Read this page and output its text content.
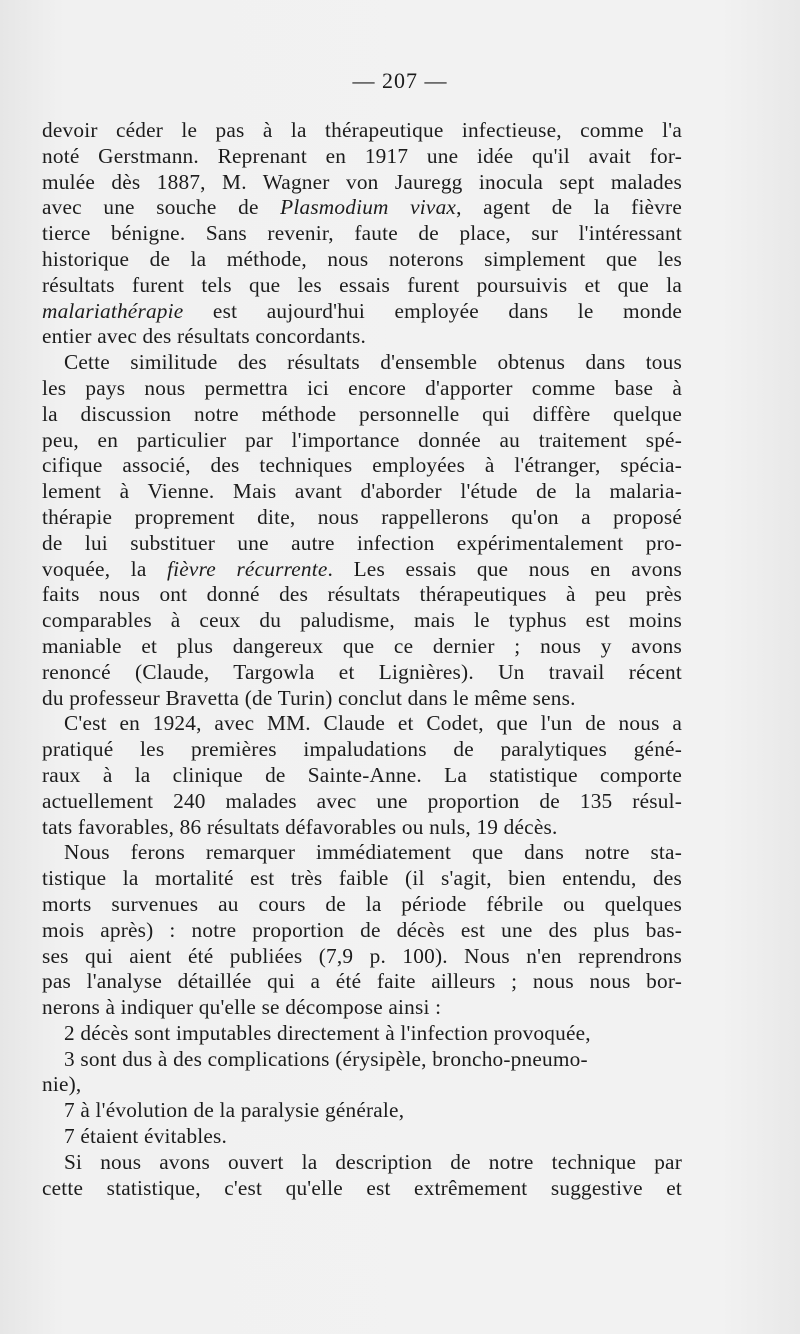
— 207 —

devoir céder le pas à la thérapeutique infectieuse, comme l'a
noté Gerstmann. Reprenant en 1917 une idée qu'il avait for-
mulée dès 1887, M. Wagner von Jauregg inocula sept malades
avec une souche de Plasmodium vivax, agent de la fièvre
tierce bénigne. Sans revenir, faute de place, sur l'intéressant
historique de la méthode, nous noterons simplement que les
résultats furent tels que les essais furent poursuivis et que la
malariathérapie est aujourd'hui employée dans le monde
entier avec des résultats concordants.

Cette similitude des résultats d'ensemble obtenus dans tous
les pays nous permettra ici encore d'apporter comme base à
la discussion notre méthode personnelle qui diffère quelque
peu, en particulier par l'importance donnée au traitement spé-
cifique associé, des techniques employées à l'étranger, spécia-
lement à Vienne. Mais avant d'aborder l'étude de la malaria-
thérapie proprement dite, nous rappellerons qu'on a proposé
de lui substituer une autre infection expérimentalement pro-
voquée, la fièvre récurrente. Les essais que nous en avons
faits nous ont donné des résultats thérapeutiques à peu près
comparables à ceux du paludisme, mais le typhus est moins
maniable et plus dangereux que ce dernier ; nous y avons
renoncé (Claude, Targowla et Lignières). Un travail récent
du professeur Bravetta (de Turin) conclut dans le même sens.

C'est en 1924, avec MM. Claude et Codet, que l'un de nous a
pratiqué les premières impaludations de paralytiques géné-
raux à la clinique de Sainte-Anne. La statistique comporte
actuellement 240 malades avec une proportion de 135 résul-
tats favorables, 86 résultats défavorables ou nuls, 19 décès.

Nous ferons remarquer immédiatement que dans notre sta-
tistique la mortalité est très faible (il s'agit, bien entendu, des
morts survenues au cours de la période fébrile ou quelques
mois après) : notre proportion de décès est une des plus bas-
ses qui aient été publiées (7,9 p. 100). Nous n'en reprendrons
pas l'analyse détaillée qui a été faite ailleurs ; nous nous bor-
nerons à indiquer qu'elle se décompose ainsi :

2 décès sont imputables directement à l'infection provoquée,
3 sont dus à des complications (érysipèle, broncho-pneumo-
nie),
7 à l'évolution de la paralysie générale,
7 étaient évitables.

Si nous avons ouvert la description de notre technique par
cette statistique, c'est qu'elle est extrêmement suggestive et
